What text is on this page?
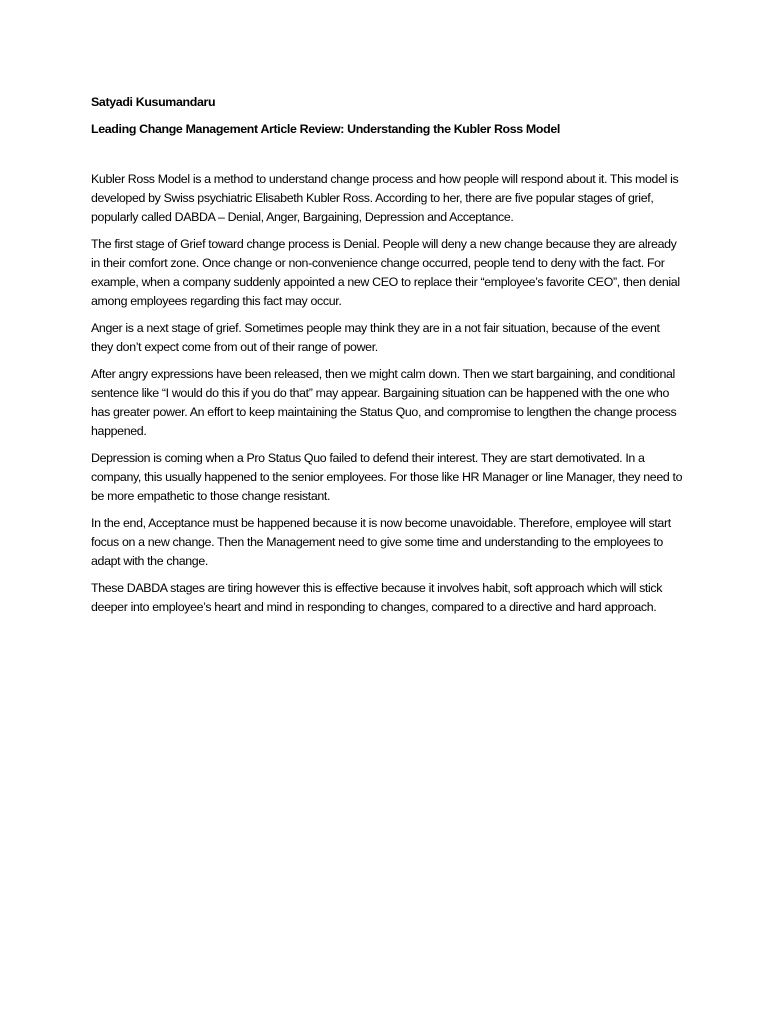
Satyadi Kusumandaru

Leading Change Management Article Review: Understanding the Kubler Ross Model

Kubler Ross Model is a method to understand change process and how people will respond about it. This model is developed by Swiss psychiatric Elisabeth Kubler Ross. According to her, there are five popular stages of grief, popularly called DABDA – Denial, Anger, Bargaining, Depression and Acceptance.

The first stage of Grief toward change process is Denial. People will deny a new change because they are already in their comfort zone. Once change or non-convenience change occurred, people tend to deny with the fact. For example, when a company suddenly appointed a new CEO to replace their “employee’s favorite CEO”, then denial among employees regarding this fact may occur.

Anger is a next stage of grief. Sometimes people may think they are in a not fair situation, because of the event they don’t expect come from out of their range of power.

After angry expressions have been released, then we might calm down. Then we start bargaining, and conditional sentence like “I would do this if you do that” may appear. Bargaining situation can be happened with the one who has greater power. An effort to keep maintaining the Status Quo, and compromise to lengthen the change process happened.

Depression is coming when a Pro Status Quo failed to defend their interest. They are start demotivated. In a company, this usually happened to the senior employees. For those like HR Manager or line Manager, they need to be more empathetic to those change resistant.

In the end, Acceptance must be happened because it is now become unavoidable. Therefore, employee will start focus on a new change. Then the Management need to give some time and understanding to the employees to adapt with the change.

These DABDA stages are tiring however this is effective because it involves habit, soft approach which will stick deeper into employee’s heart and mind in responding to changes, compared to a directive and hard approach.
